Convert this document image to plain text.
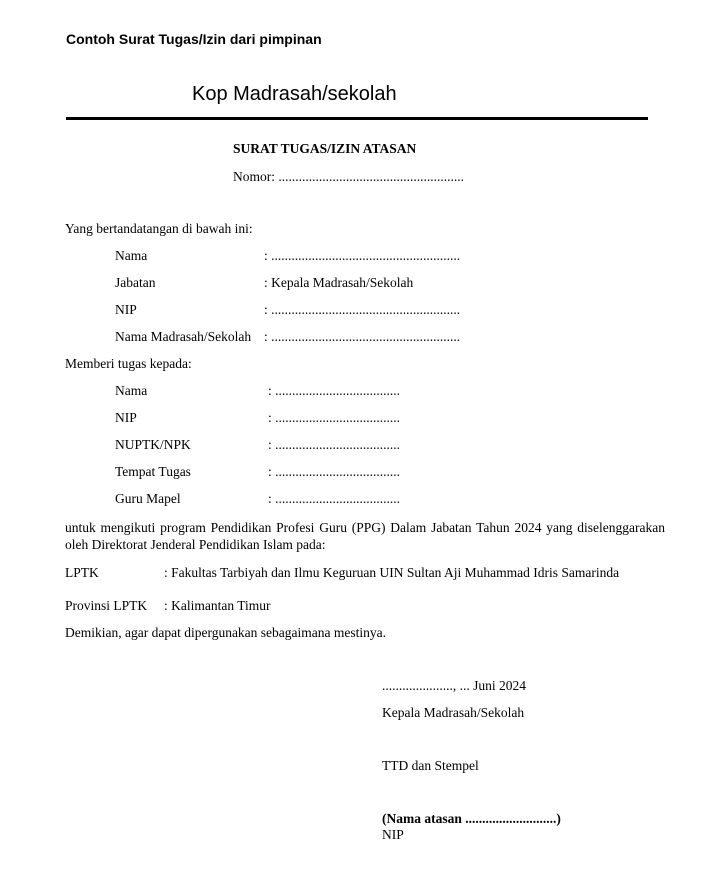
Contoh Surat Tugas/Izin dari pimpinan
Kop Madrasah/sekolah
SURAT TUGAS/IZIN ATASAN
Nomor: .......................................................
Yang bertandatangan di bawah ini:
Nama	: ........................................................
Jabatan	: Kepala Madrasah/Sekolah
NIP	: ........................................................
Nama Madrasah/Sekolah : ........................................................
Memberi tugas kepada:
Nama	: .....................................
NIP	: .....................................
NUPTK/NPK	: .....................................
Tempat Tugas	: .....................................
Guru Mapel	: .....................................
untuk mengikuti program Pendidikan Profesi Guru (PPG) Dalam Jabatan Tahun 2024 yang diselenggarakan oleh Direktorat Jenderal Pendidikan Islam pada:
LPTK	: Fakultas Tarbiyah dan Ilmu Keguruan UIN Sultan Aji Muhammad Idris Samarinda
Provinsi LPTK : Kalimantan Timur
Demikian, agar dapat dipergunakan sebagaimana mestinya.
....................., ... Juni 2024
Kepala Madrasah/Sekolah
TTD dan Stempel
(Nama atasan ...........................)
NIP
